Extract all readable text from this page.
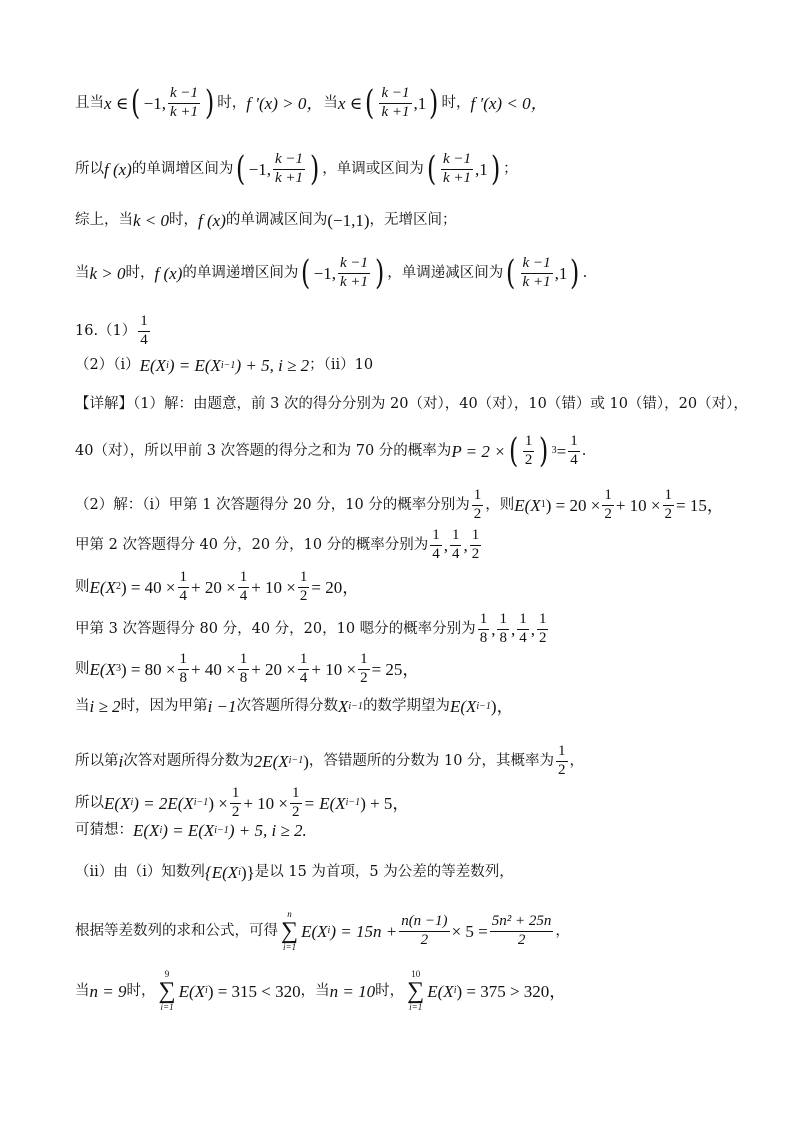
且当 x ∈ ( −1, $\frac{k -1}{k +1}$ ) 时， f ′(x) > 0， 当 x ∈ ( $\frac{k -1}{k +1} ,1$ ) 时， f ′(x) < 0，
所以 f (x) 的单调增区间为 ( −1, $\frac{k -1}{k +1}$ ) ，单调或区间为 ( $\frac{k -1}{k +1} ,1$ ) ；
综上，当 k < 0 时， f (x) 的单调减区间为 (−1,1) ，无增区间；
当 k > 0 时， f (x) 的单调递增区间为 ( −1, $\frac{k -1}{k +1}$ ) ，单调递减区间为 ( $\frac{k -1}{k +1} ,1$ ) .
$16.(1) \frac{1}{4}$
（2）（i） E(X i ) = E(X i−1 ) + 5, i ≥ 2 ；（ii）10
【详解】（1）解：由题意，前 3 次的得分分别为 20（对），40（对），10（错）或 10（错），20（对），
40（对），所以甲前 3 次答题的得分之和为 70 分的概率为 P = 2 × ( $\frac{1}{2}$ ) $3 = \frac{1}{4}$ .
（2）解：（i）甲第 1 次答题得分 20 分，10 分的概率分别为 $\frac{1}{2}$ ，则 E(X 1 ) = $20 \times \frac{1}{2} + 10 \times \frac{1}{2} = 15$，
甲第 2 次答题得分 40 分，20 分，10 分的概率分别为 $\frac{1}{4}$ , $\frac{1}{4}$ , $\frac{1}{2}$
则 E(X 2 ) = $40 \times \frac{1}{4} + 20 \times \frac{1}{4} + 10 \times \frac{1}{2} = 20$，
甲第 3 次答题得分 80 分，40 分，20，10 嗯分的概率分别为 $\frac{1}{8}$ , $\frac{1}{8}$ , $\frac{1}{4}$ , $\frac{1}{2}$
则 E(X 3 ) = $80 \times \frac{1}{8} + 40 \times \frac{1}{8} + 20 \times \frac{1}{4} + 10 \times \frac{1}{2} = 25$，
当 i ≥ 2 时，因为甲第 i −1 次答题所得分数 X i−1 的数学期望为 E(X i−1 )，
所以第 i 次答对题所得分数为 2E(X i−1 ) ，答错题所的分数为 10 分，其概率为 $\frac{1}{2}$ ，
所以 E(X i ) = 2E(X i−1 ) × $\frac{1}{2} + 10 \times \frac{1}{2} = E(X$ i−1 ) + 5，
可猜想： E(X i ) = E(X i−1 ) + 5, i ≥ 2.
（ii）由（i）知数列 {E(X i )} 是以 15 为首项，5 为公差的等差数列，
根据等差数列的求和公式，可得
n
∑
i=1
E(X i ) = $15n + \frac{n(n -1)}{2} \times 5 = \frac{\text{5n² + 25n}}{2}$ ，
当 n = 9 时，
9
∑
i=1
E(X i ) = 315 < 320 ，当 n = 10 时，
10
∑
i=1
E(X i ) = 375 > 320，
